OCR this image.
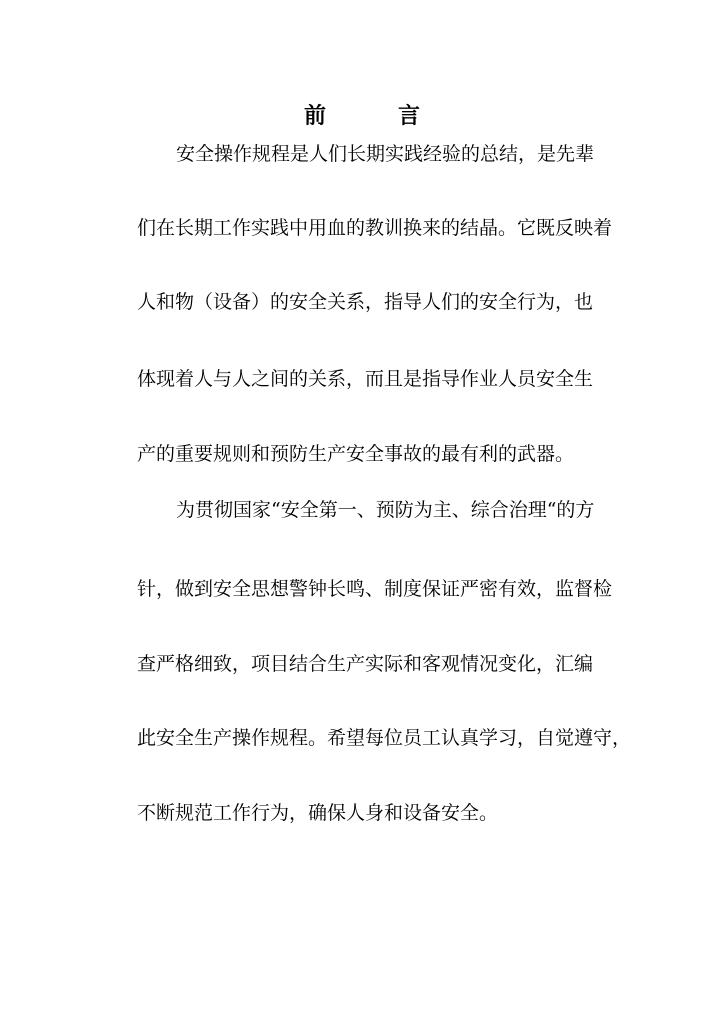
前	言
安全操作规程是人们长期实践经验的总结，是先辈
们在长期工作实践中用血的教训换来的结晶。它既反映着
人和物（设备）的安全关系，指导人们的安全行为，也
体现着人与人之间的关系，而且是指导作业人员安全生
产的重要规则和预防生产安全事故的最有利的武器。
为贯彻国家“安全第一、预防为主、综合治理“的方
针，做到安全思想警钟长鸣、制度保证严密有效，监督检
查严格细致，项目结合生产实际和客观情况变化，汇编
此安全生产操作规程。希望每位员工认真学习，自觉遵守，
不断规范工作行为，确保人身和设备安全。
